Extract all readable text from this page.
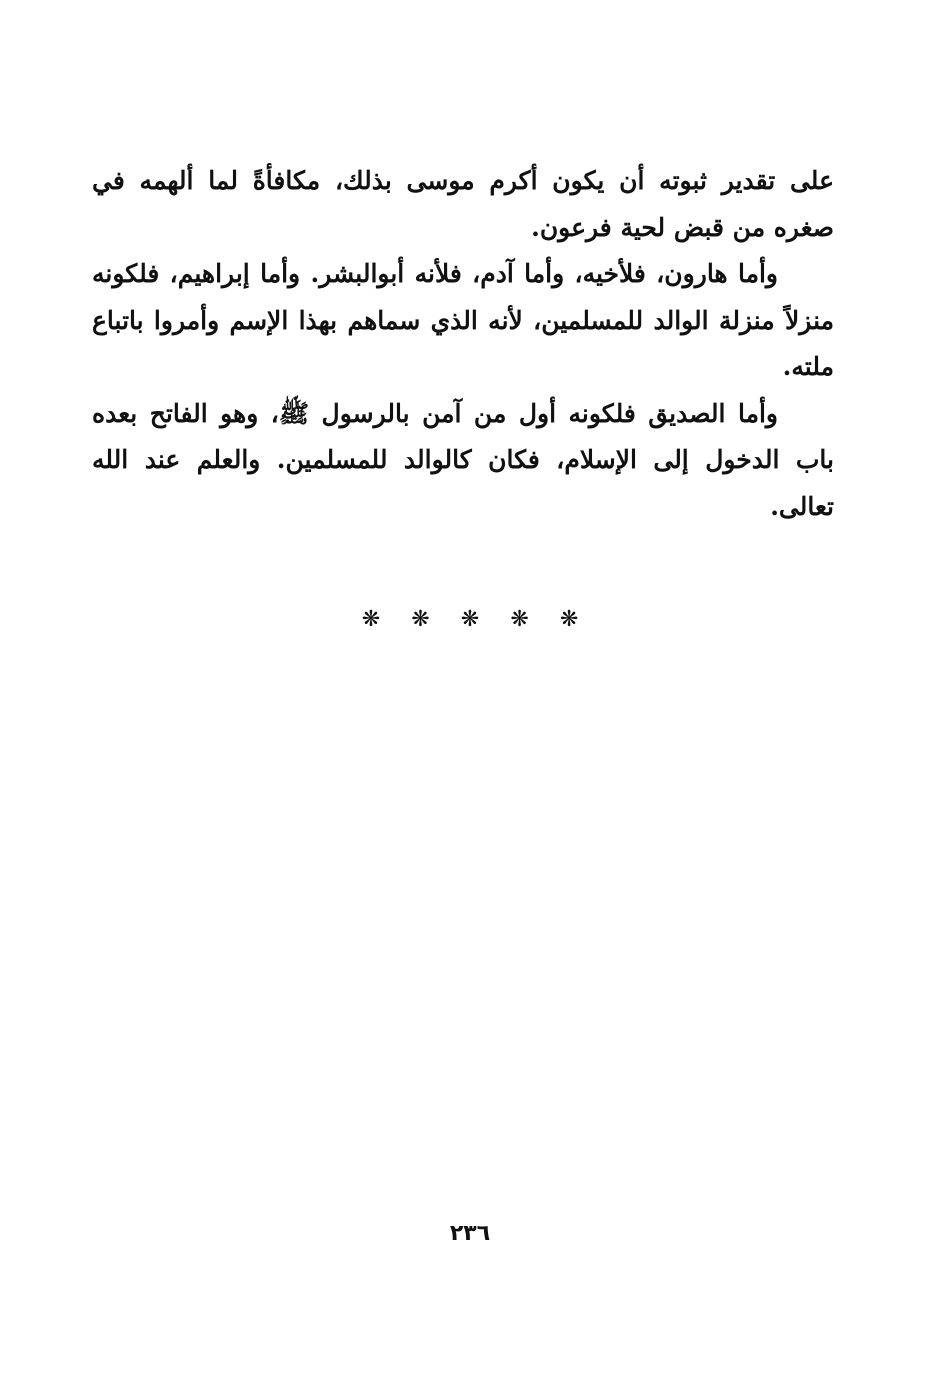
على تقدير ثبوته أن يكون أكرم موسى بذلك، مكافأةً لما ألهمه في صغره من قبض لحية فرعون.

وأما هارون، فلأخيه، وأما آدم، فلأنه أبوالبشر. وأما إبراهيم، فلكونه منزلاً منزلة الوالد للمسلمين، لأنه الذي سماهم بهذا الإسم وأمروا باتباع ملته.

وأما الصديق فلكونه أول من آمن بالرسول ﷺ، وهو الفاتح بعده باب الدخول إلى الإسلام، فكان كالوالد للمسلمين. والعلم عند الله تعالى.

❋ ❋ ❋ ❋ ❋
٢٣٦
